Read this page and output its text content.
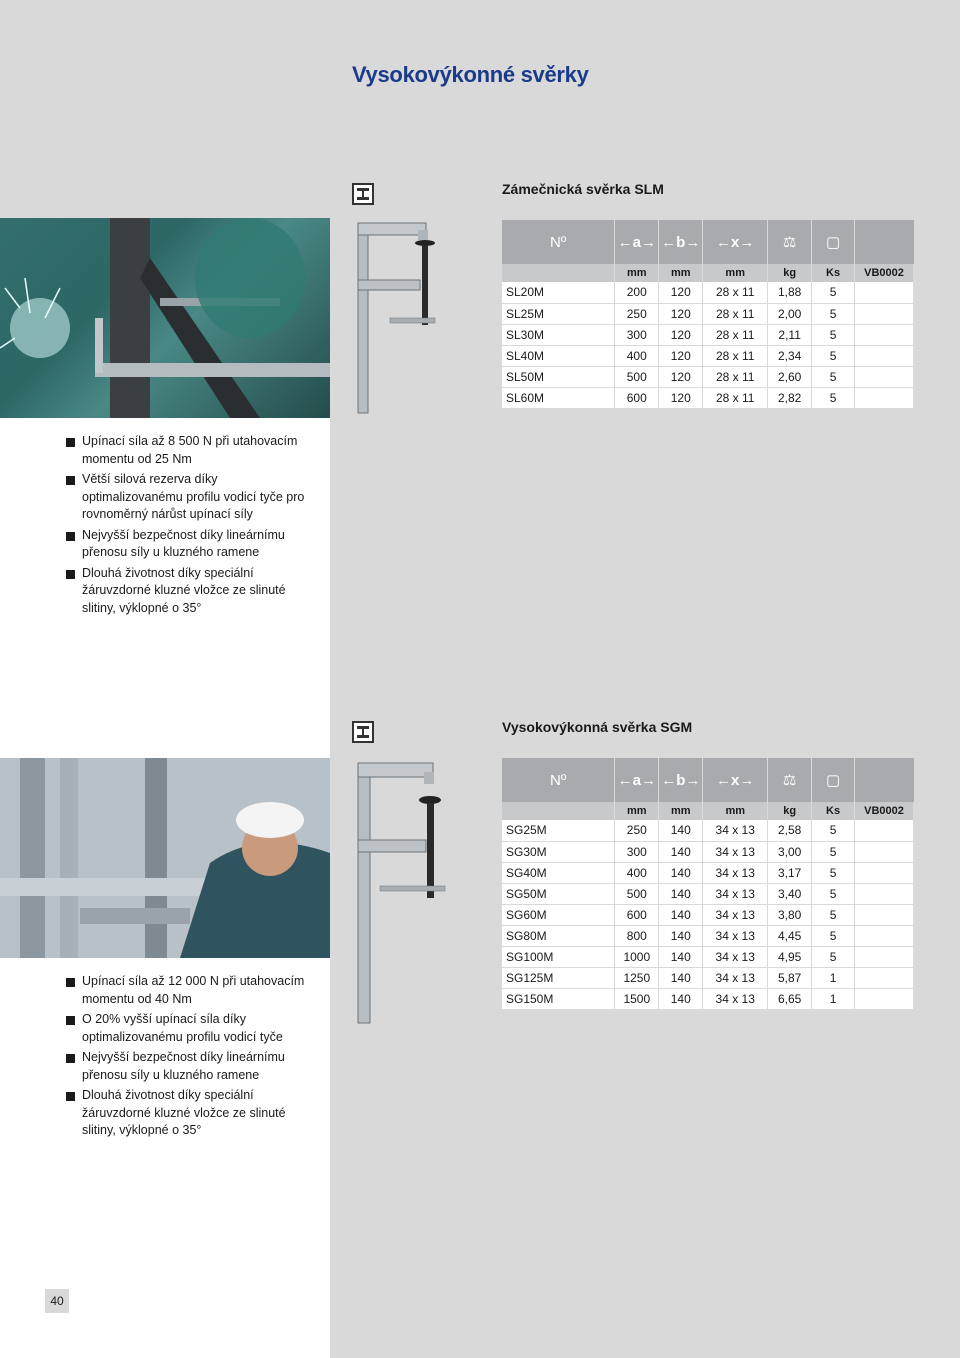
Vysokovýkonné svěrky
Zámečnická svěrka SLM
Upínací síla až 8 500 N při utahovacím momentu od 25 Nm
Větší silová rezerva díky optimalizovanému profilu vodicí tyče pro rovnoměrný nárůst upínací síly
Nejvyšší bezpečnost díky lineárnímu přenosu síly u kluzného ramene
Dlouhá životnost díky speciální žáruvzdorné kluzné vložce ze slinuté slitiny, výklopné o 35°
Nº	←a→	←b→	←x→	⚖	▢	
	mm	mm	mm	kg	Ks	VB0002
SL20M	200	120	28 x 11	1,88	5	
SL25M	250	120	28 x 11	2,00	5	
SL30M	300	120	28 x 11	2,11	5	
SL40M	400	120	28 x 11	2,34	5	
SL50M	500	120	28 x 11	2,60	5	
SL60M	600	120	28 x 11	2,82	5	
Vysokovýkonná svěrka SGM
Upínací síla až 12 000 N při utahovacím momentu od 40 Nm
O 20% vyšší upínací síla díky optimalizovanému profilu vodicí tyče
Nejvyšší bezpečnost díky lineárnímu přenosu síly u kluzného ramene
Dlouhá životnost díky speciální žáruvzdorné kluzné vložce ze slinuté slitiny, výklopné o 35°
Nº	←a→	←b→	←x→	⚖	▢	
	mm	mm	mm	kg	Ks	VB0002
SG25M	250	140	34 x 13	2,58	5	
SG30M	300	140	34 x 13	3,00	5	
SG40M	400	140	34 x 13	3,17	5	
SG50M	500	140	34 x 13	3,40	5	
SG60M	600	140	34 x 13	3,80	5	
SG80M	800	140	34 x 13	4,45	5	
SG100M	1000	140	34 x 13	4,95	5	
SG125M	1250	140	34 x 13	5,87	1	
SG150M	1500	140	34 x 13	6,65	1	
40
